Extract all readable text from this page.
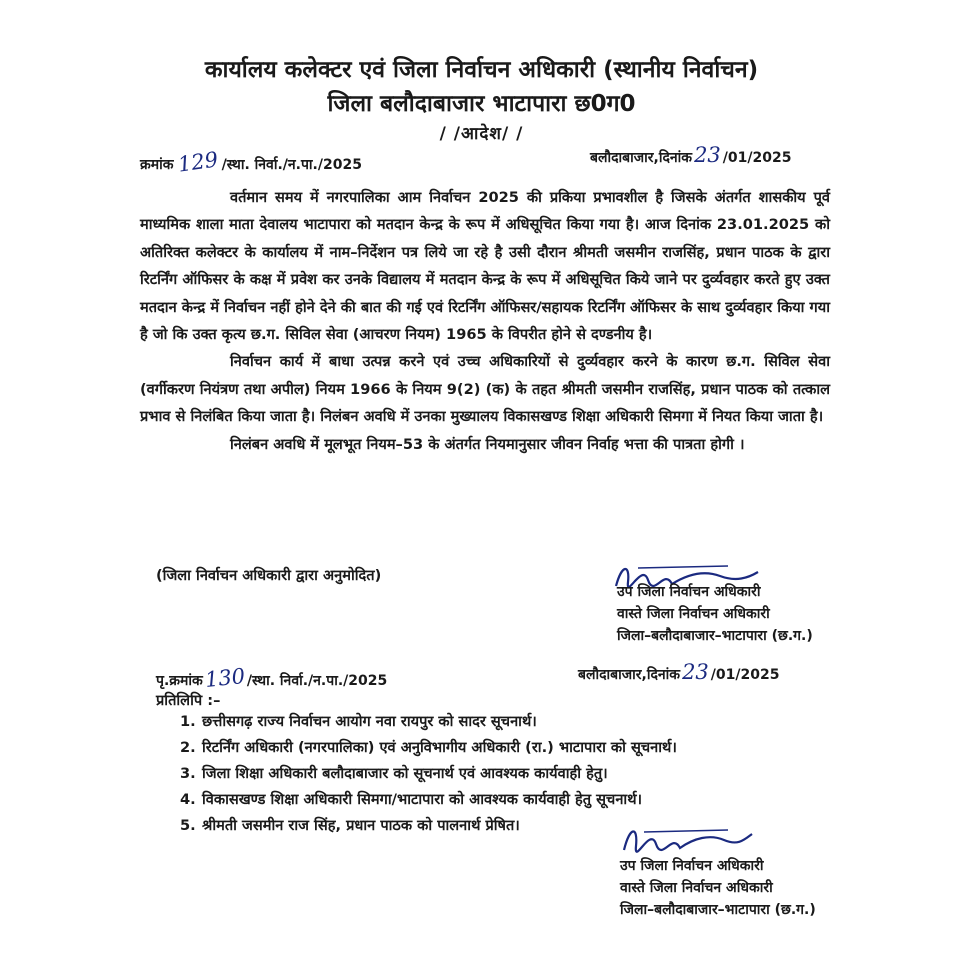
कार्यालय कलेक्टर एवं जिला निर्वाचन अधिकारी (स्थानीय निर्वाचन)
जिला बलौदाबाजार भाटापारा छ0ग0
/ /आदेश/ /
क्रमांक 129 /स्था. निर्वा./न.पा./2025	बलौदाबाजार,दिनांक23 /01/2025

वर्तमान समय में नगरपालिका आम निर्वाचन 2025 की प्रकिया प्रभावशील है जिसके अंतर्गत शासकीय पूर्व माध्यमिक शाला माता देवालय भाटापारा को मतदान केन्द्र के रूप में अधिसूचित किया गया है। आज दिनांक 23.01.2025 को अतिरिक्त कलेक्टर के कार्यालय में नाम–निर्देशन पत्र लिये जा रहे है उसी दौरान श्रीमती जसमीन राजसिंह, प्रधान पाठक के द्वारा रिटर्निंग ऑफिसर के कक्ष में प्रवेश कर उनके विद्यालय में मतदान केन्द्र के रूप में अधिसूचित किये जाने पर दुर्व्यवहार करते हुए उक्त मतदान केन्द्र में निर्वाचन नहीं होने देने की बात की गई एवं रिटर्निंग ऑफिसर/सहायक रिटर्निंग ऑफिसर के साथ दुर्व्यवहार किया गया है जो कि उक्त कृत्य छ.ग. सिविल सेवा (आचरण नियम) 1965 के विपरीत होने से दण्डनीय है।

निर्वाचन कार्य में बाधा उत्पन्न करने एवं उच्च अधिकारियों से दुर्व्यवहार करने के कारण छ.ग. सिविल सेवा (वर्गीकरण नियंत्रण तथा अपील) नियम 1966 के नियम 9(2) (क) के तहत श्रीमती जसमीन राजसिंह, प्रधान पाठक को तत्काल प्रभाव से निलंबित किया जाता है। निलंबन अवधि में उनका मुख्यालय विकासखण्ड शिक्षा अधिकारी सिमगा में नियत किया जाता है।

निलंबन अवधि में मूलभूत नियम–53 के अंतर्गत नियमानुसार जीवन निर्वाह भत्ता की पात्रता होगी ।

(जिला निर्वाचन अधिकारी द्वारा अनुमोदित)
उप जिला निर्वाचन अधिकारी
वास्ते जिला निर्वाचन अधिकारी
जिला–बलौदाबाजार–भाटापारा (छ.ग.)
पृ.क्रमांक130/स्था. निर्वा./न.पा./2025	बलौदाबाजार,दिनांक23 /01/2025
प्रतिलिपि :–
1. छत्तीसगढ़ राज्य निर्वाचन आयोग नवा रायपुर को सादर सूचनार्थ।
2. रिटर्निंग अधिकारी (नगरपालिका) एवं अनुविभागीय अधिकारी (रा.) भाटापारा को सूचनार्थ।
3. जिला शिक्षा अधिकारी बलौदाबाजार को सूचनार्थ एवं आवश्यक कार्यवाही हेतु।
4. विकासखण्ड शिक्षा अधिकारी सिमगा/भाटापारा को आवश्यक कार्यवाही हेतु सूचनार्थ।
5. श्रीमती जसमीन राज सिंह, प्रधान पाठक को पालनार्थ प्रेषित।
उप जिला निर्वाचन अधिकारी
वास्ते जिला निर्वाचन अधिकारी
जिला–बलौदाबाजार–भाटापारा (छ.ग.)
